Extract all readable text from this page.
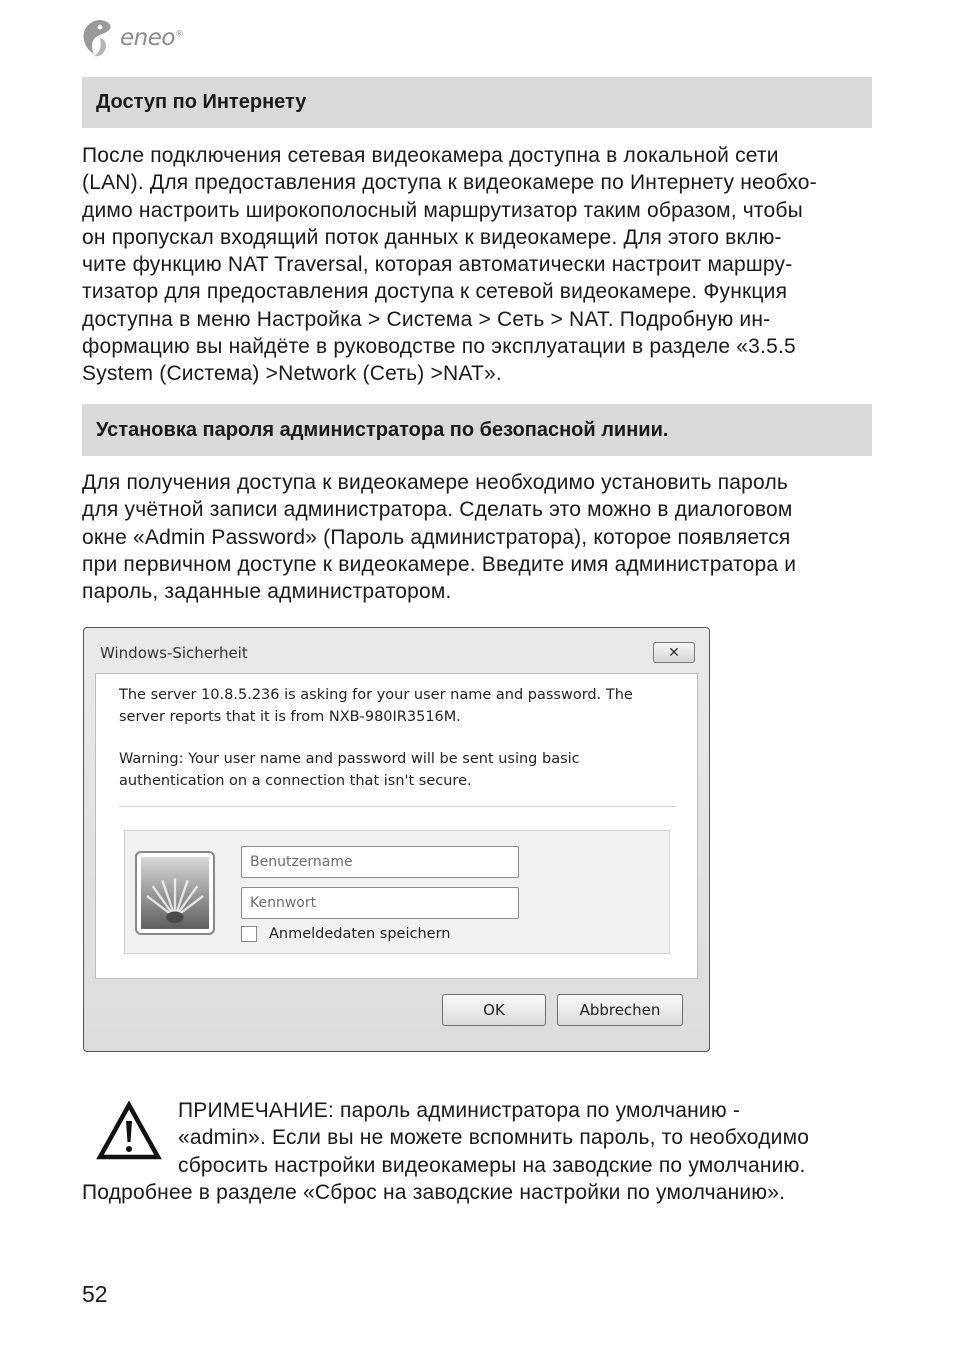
eneo®
Доступ по Интернету
После подключения сетевая видеокамера доступна в локальной сети
(LAN). Для предоставления доступа к видеокамере по Интернету необхо-
димо настроить широкополосный маршрутизатор таким образом, чтобы
он пропускал входящий поток данных к видеокамере. Для этого вклю-
чите функцию NAT Traversal, которая автоматически настроит маршру-
тизатор для предоставления доступа к сетевой видеокамере. Функция
доступна в меню Настройка > Система > Сеть > NAT. Подробную ин-
формацию вы найдёте в руководстве по эксплуатации в разделе «3.5.5
System (Система) >Network (Сеть) >NAT».
Установка пароля администратора по безопасной линии.
Для получения доступа к видеокамере необходимо установить пароль
для учётной записи администратора. Сделать это можно в диалоговом
окне «Admin Password» (Пароль администратора), которое появляется
при первичном доступе к видеокамере. Введите имя администратора и
пароль, заданные администратором.
Windows-Sicherheit	✕
The server 10.8.5.236 is asking for your user name and password. The
server reports that it is from NXB-980IR3516M.
Warning: Your user name and password will be sent using basic
authentication on a connection that isn't secure.
Benutzername
Kennwort
Anmeldedaten speichern
OK	Abbrechen
ПРИМЕЧАНИЕ: пароль администратора по умолчанию -
«admin». Если вы не можете вспомнить пароль, то необходимо
сбросить настройки видеокамеры на заводские по умолчанию.
Подробнее в разделе «Сброс на заводские настройки по умолчанию».
52
